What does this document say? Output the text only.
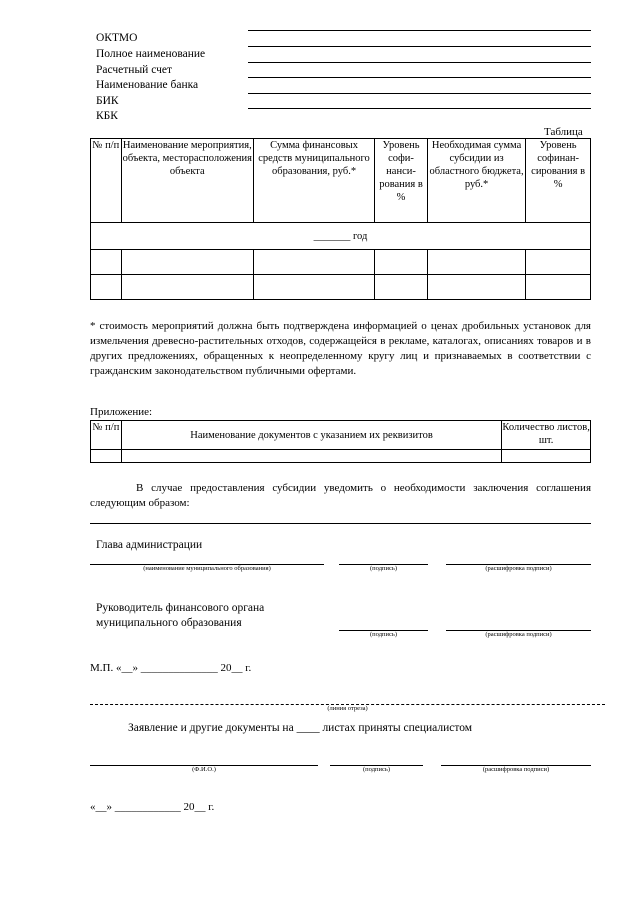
ОКТМО
Полное наименование
Расчетный счет
Наименование банка
БИК
КБК
Таблица
№ п/п	Наименование мероприятия, объекта, месторасположения объекта	Сумма финансовых средств муниципального образования, руб.*	Уровень софи-нанси-рования в %	Необходимая сумма субсидии из областного бюджета, руб.*	Уровень софинан-сирования в %
_______ год					

* стоимость мероприятий должна быть подтверждена информацией о ценах дробильных установок для измельчения древесно-растительных отходов, содержащейся в рекламе, каталогах, описаниях товаров и в других предложениях, обращенных к неопределенному кругу лиц и признаваемых в соответствии с гражданским законодательством публичными офертами.
Приложение:
№ п/п	Наименование документов с указанием их реквизитов	Количество листов, шт.

В случае предоставления субсидии уведомить о необходимости заключения соглашения следующим образом:
Глава администрации
(наименование муниципального образования)	(подпись)	(расшифровка подписи)
Руководитель финансового органа
муниципального образования
(подпись)	(расшифровка подписи)
М.П. «__» ______________ 20__ г.
(линия отреза)
Заявление и другие документы на ____ листах приняты специалистом
(Ф.И.О.)	(подпись)	(расшифровка подписи)
«__» ____________ 20__ г.
